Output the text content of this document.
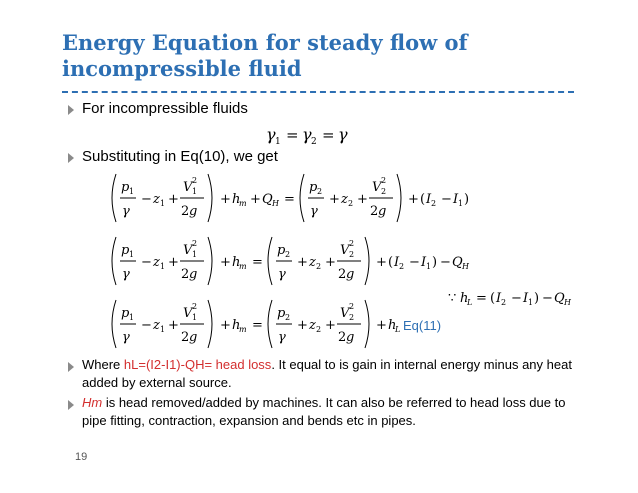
Energy Equation for steady flow of
incompressible fluid
For incompressible fluids
γ 1 = γ 2 = γ
Substituting in Eq(10), we get
p 1
γ
− z 1 +
V 1
2
2 g
+ h
m + Q H =
p 2
γ
+ z 2 +
V 2
2
2 g
+ ( I 2 − I 1 )
p 1
γ
− z 1 +
V 1
2
2 g
+ h
m =
p 2
γ
+ z 2 +
V 2
2
2 g
+ ( I 2 − I 1 ) − Q H
∵ h
L = ( I 2 − I 1 ) − Q H
p 1
γ
− z 1 +
V 1
2
2 g
+ h
m =
p 2
γ
+ z 2 +
V 2
2
2 g
+ h
L Eq(11)
Where hL=(I2-I1)-QH= head loss. It equal to is gain in internal energy minus any heat added by external source.
Hm is head removed/added by machines. It can also be referred to head loss due to pipe fitting, contraction, expansion and bends etc in pipes.
19
